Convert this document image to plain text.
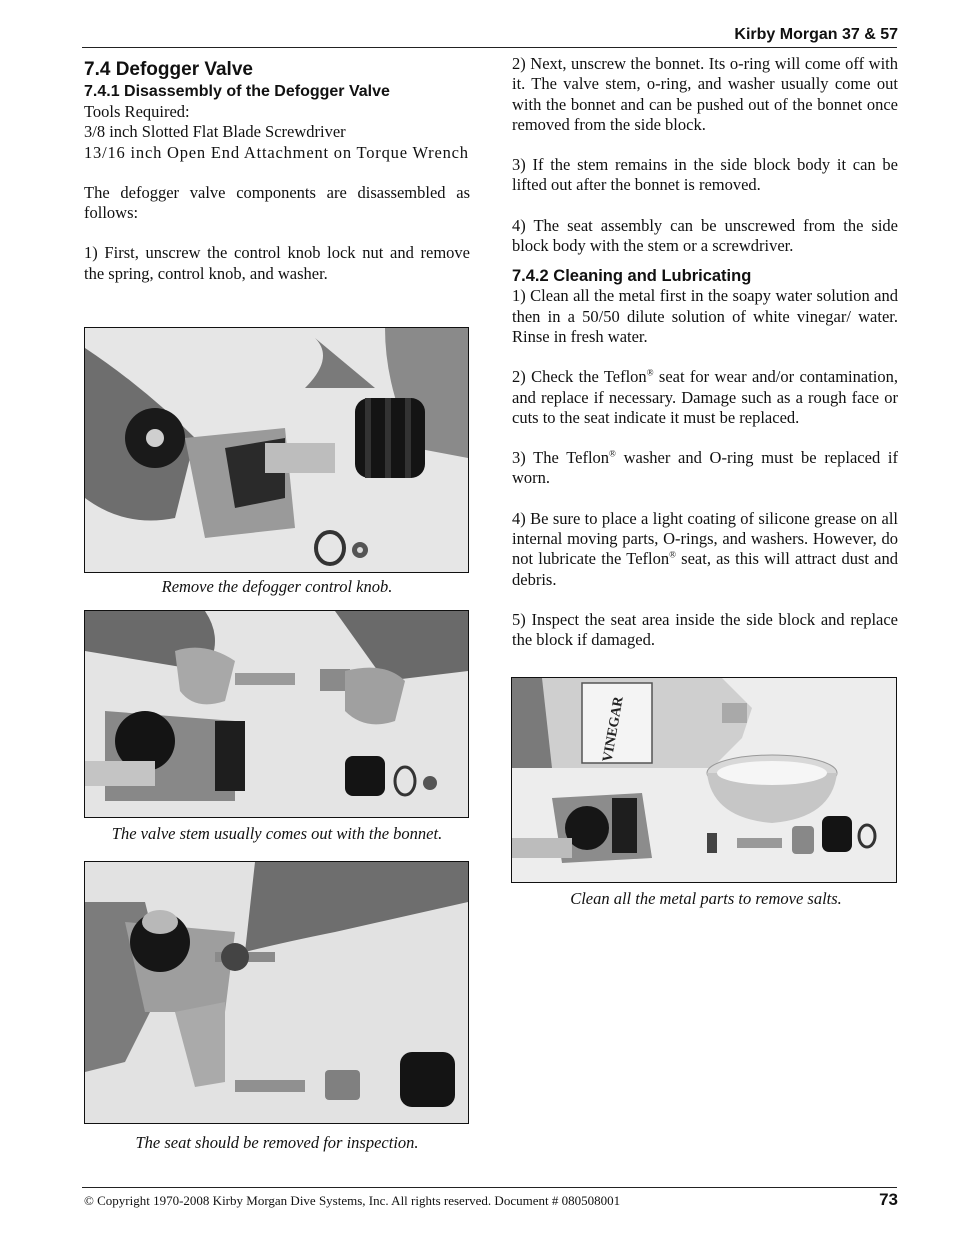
Kirby Morgan 37 & 57
7.4 Defogger Valve
7.4.1 Disassembly of the Defogger Valve
Tools Required:
3/8 inch Slotted Flat Blade Screwdriver

13/16 inch Open End Attachment on Torque Wrench

The defogger valve components are disassembled as follows:

1) First, unscrew the control knob lock nut and remove the spring, control knob, and washer.

Remove the defogger control knob.
The valve stem usually comes out with the bonnet.
The seat should be removed for inspection.

2) Next, unscrew the bonnet. Its o-ring will come off with it. The valve stem, o-ring, and washer usually come out with the bonnet and can be pushed out of the bonnet once removed from the side block.

3) If the stem remains in the side block body it can be lifted out after the bonnet is removed.

4) The seat assembly can be unscrewed from the side block body with the stem or a screwdriver.

7.4.2 Cleaning and Lubricating

1) Clean all the metal first in the soapy water solution and then in a 50/50 dilute solution of white vinegar/ water. Rinse in fresh water.

2) Check the Teflon® seat for wear and/or contamination, and replace if necessary. Damage such as a rough face or cuts to the seat indicate it must be replaced.

3) The Teflon® washer and O-ring must be replaced if worn.

4) Be sure to place a light coating of silicone grease on all internal moving parts, O-rings, and washers. However, do not lubricate the Teflon® seat, as this will attract dust and debris.

5) Inspect the seat area inside the side block and replace the block if damaged.

VINEGAR
Clean all the metal parts to remove salts.
© Copyright 1970-2008 Kirby Morgan Dive Systems, Inc. All rights reserved. Document # 080508001	73
